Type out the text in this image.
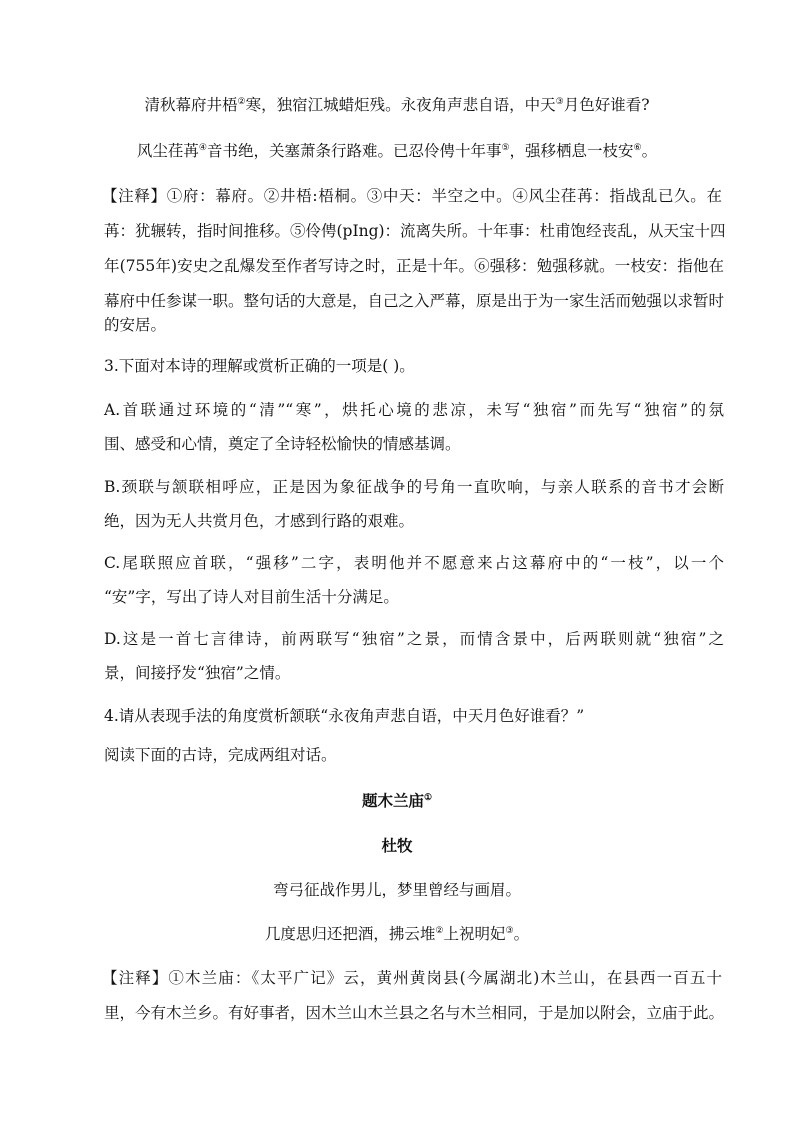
清秋幕府井梧②寒，独宿江城蜡炬残。永夜角声悲自语，中天③月色好谁看?
风尘荏苒④音书绝，关塞萧条行路难。已忍伶俜十年事⑤，强移栖息一枝安⑥。
【注释】①府：幕府。②井梧:梧桐。③中天：半空之中。④风尘荏苒：指战乱已久。在
苒：犹辗转，指时间推移。⑤伶俜(pIng)：流离失所。十年事：杜甫饱经丧乱，从天宝十四
年(755年)安史之乱爆发至作者写诗之时，正是十年。⑥强移：勉强移就。一枝安：指他在
幕府中任参谋一职。整句话的大意是，自己之入严幕，原是出于为一家生活而勉强以求暂时
的安居。
3.下面对本诗的理解或赏析正确的一项是( )。
A.首联通过环境的“清”“寒”，烘托心境的悲凉，未写“独宿”而先写“独宿”的氛
围、感受和心情，奠定了全诗轻松愉快的情感基调。
B.颈联与颔联相呼应，正是因为象征战争的号角一直吹响，与亲人联系的音书才会断
绝，因为无人共赏月色，才感到行路的艰难。
C.尾联照应首联，“强移”二字，表明他并不愿意来占这幕府中的“一枝”，以一个
“安”字，写出了诗人对目前生活十分满足。
D.这是一首七言律诗，前两联写“独宿”之景，而情含景中，后两联则就“独宿”之
景，间接抒发“独宿”之情。
4.请从表现手法的角度赏析颔联“永夜角声悲自语，中天月色好谁看？”
阅读下面的古诗，完成两组对话。
题木兰庙①
杜牧
弯弓征战作男儿，梦里曾经与画眉。
几度思归还把酒，拂云堆②上祝明妃③。
【注释】①木兰庙：《太平广记》云，黄州黄岗县(今属湖北)木兰山，在县西一百五十
里，今有木兰乡。有好事者，因木兰山木兰县之名与木兰相同，于是加以附会，立庙于此。
